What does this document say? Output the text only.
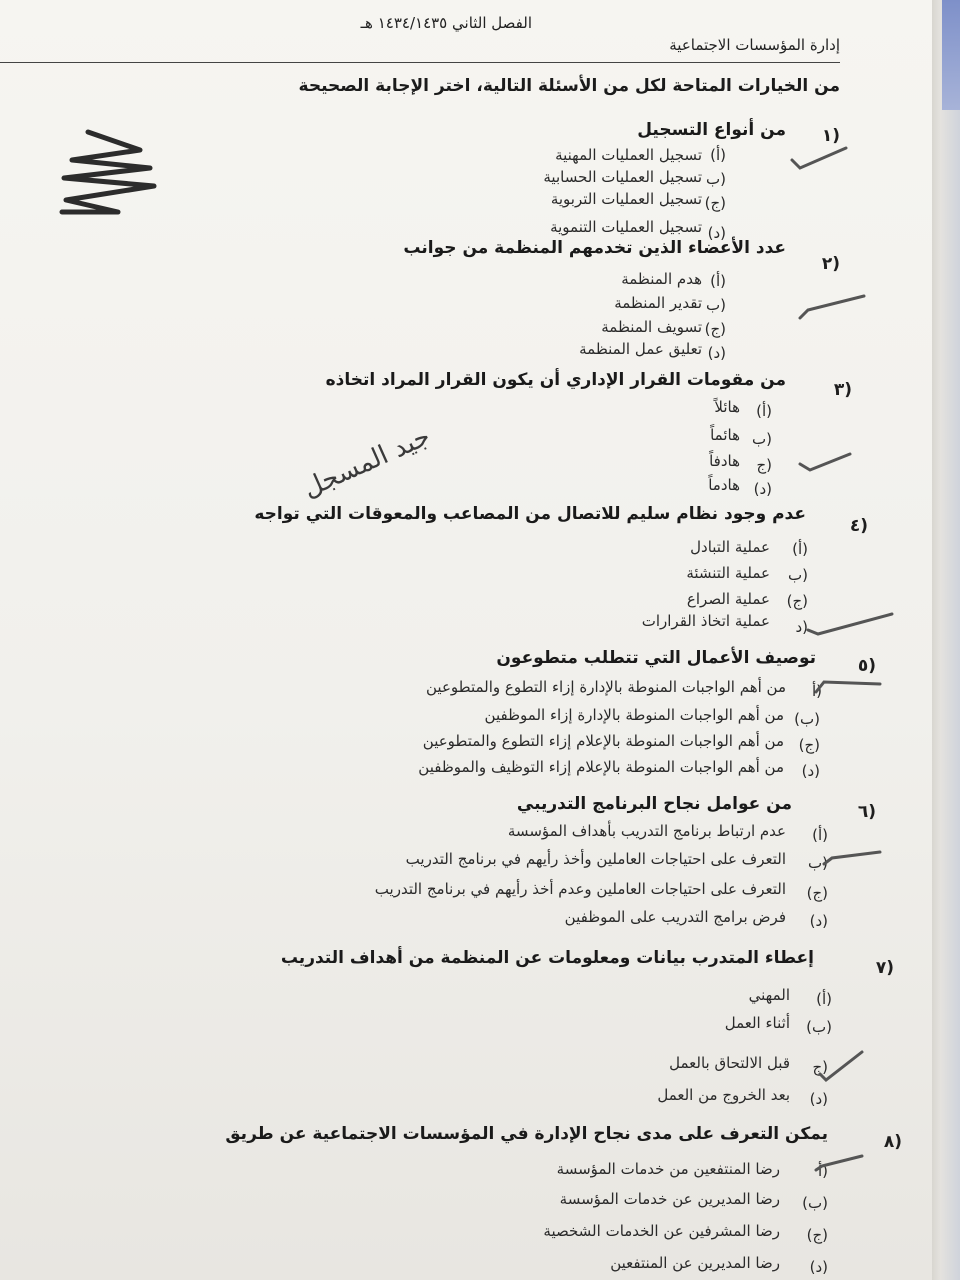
الفصل الثاني ١٤٣٤/١٤٣٥ هـ
إدارة المؤسسات الاجتماعية
من الخيارات المتاحة لكل من الأسئلة التالية، اختر الإجابة الصحيحة
(١
من أنواع التسجيل
(أ)
تسجيل العمليات المهنية
(ب
تسجيل العمليات الحسابية
(ج)
تسجيل العمليات التربوية
(د)
تسجيل العمليات التنموية
(٢
عدد الأعضاء الذين تخدمهم المنظمة من جوانب
(أ)
هدم المنظمة
(ب
تقدير المنظمة
(ج)
تسويف المنظمة
(د)
تعليق عمل المنظمة
(٣
من مقومات القرار الإداري أن يكون القرار المراد اتخاذه
(أ)
هائلاً
(ب
هائماً
(ج
هادفاً
(د)
هادماً
(٤
عدم وجود نظام سليم للاتصال من المصاعب والمعوقات التي تواجه
(أ)
عملية التبادل
(ب
عملية التنشئة
(ج)
عملية الصراع
(د
عملية اتخاذ القرارات
(٥
توصيف الأعمال التي تتطلب متطوعون
(أ
من أهم الواجبات المنوطة بالإدارة إزاء التطوع والمتطوعين
(ب)
من أهم الواجبات المنوطة بالإدارة إزاء الموظفين
(ج)
من أهم الواجبات المنوطة بالإعلام إزاء التطوع والمتطوعين
(د)
من أهم الواجبات المنوطة بالإعلام إزاء التوظيف والموظفين
(٦
من عوامل نجاح البرنامج التدريبي
(أ)
عدم ارتباط برنامج التدريب بأهداف المؤسسة
(ب
التعرف على احتياجات العاملين وأخذ رأيهم في برنامج التدريب
(ج)
التعرف على احتياجات العاملين وعدم أخذ رأيهم في برنامج التدريب
(د)
فرض برامج التدريب على الموظفين
(٧
إعطاء المتدرب بيانات ومعلومات عن المنظمة من أهداف التدريب
(أ)
المهني
(ب)
أثناء العمل
(ج
قبل الالتحاق بالعمل
(د)
بعد الخروج من العمل
(٨
يمكن التعرف على مدى نجاح الإدارة في المؤسسات الاجتماعية عن طريق
(أ
رضا المنتفعين من خدمات المؤسسة
(ب)
رضا المديرين عن خدمات المؤسسة
(ج)
رضا المشرفين عن الخدمات الشخصية
(د)
رضا المديرين عن المنتفعين
جيد المسجل
